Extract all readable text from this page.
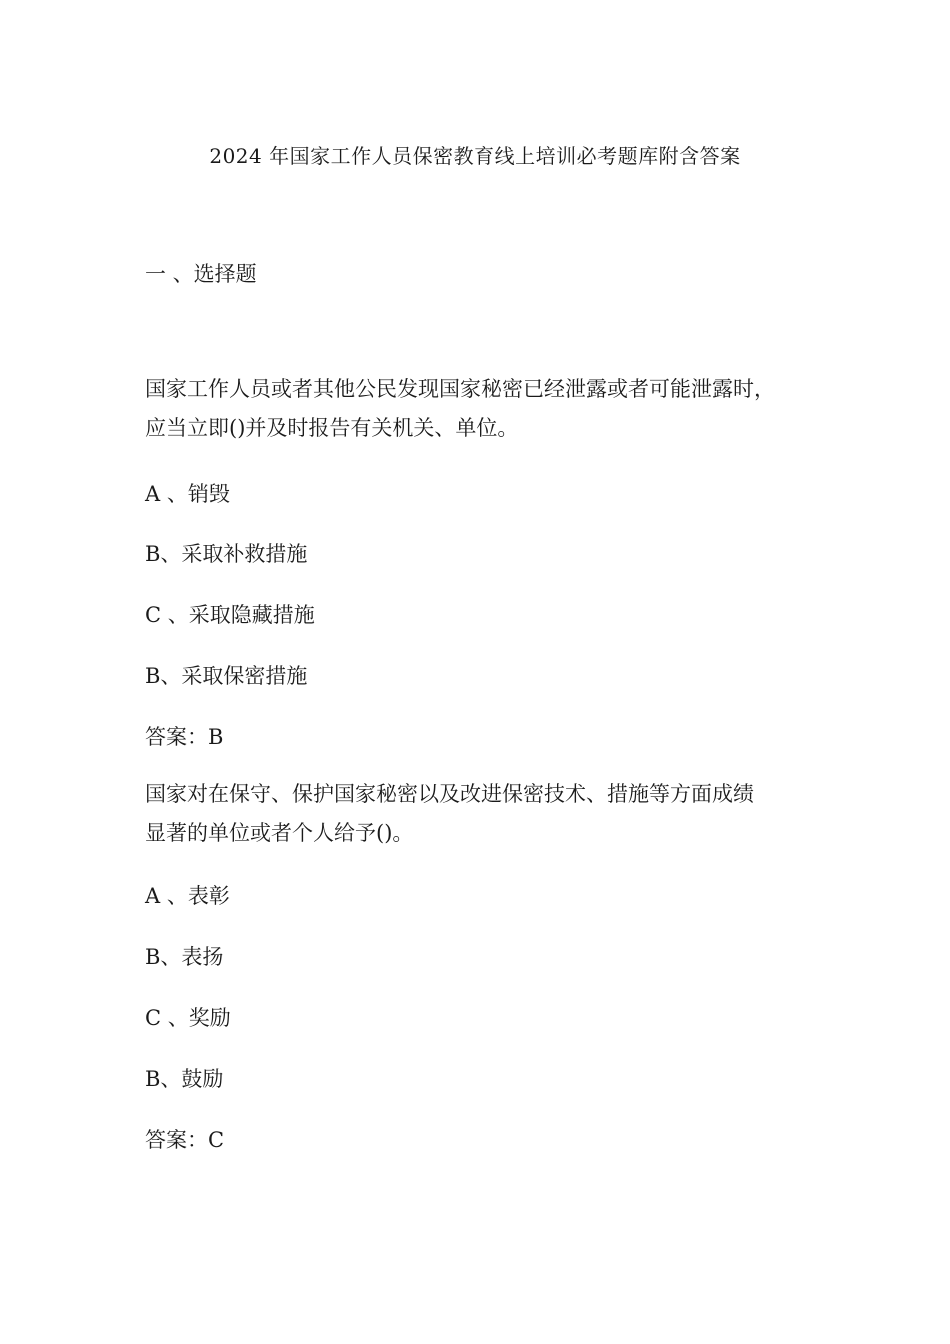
2024 年国家工作人员保密教育线上培训必考题库附含答案
一 、选择题
国家工作人员或者其他公民发现国家秘密已经泄露或者可能泄露时，
应当立即()并及时报告有关机关、单位。
A 、销毁
B、采取补救措施
C 、采取隐藏措施
B、采取保密措施
答案：B
国家对在保守、保护国家秘密以及改进保密技术、措施等方面成绩
显著的单位或者个人给予()。
A 、表彰
B、表扬
C 、奖励
B、鼓励
答案：C
